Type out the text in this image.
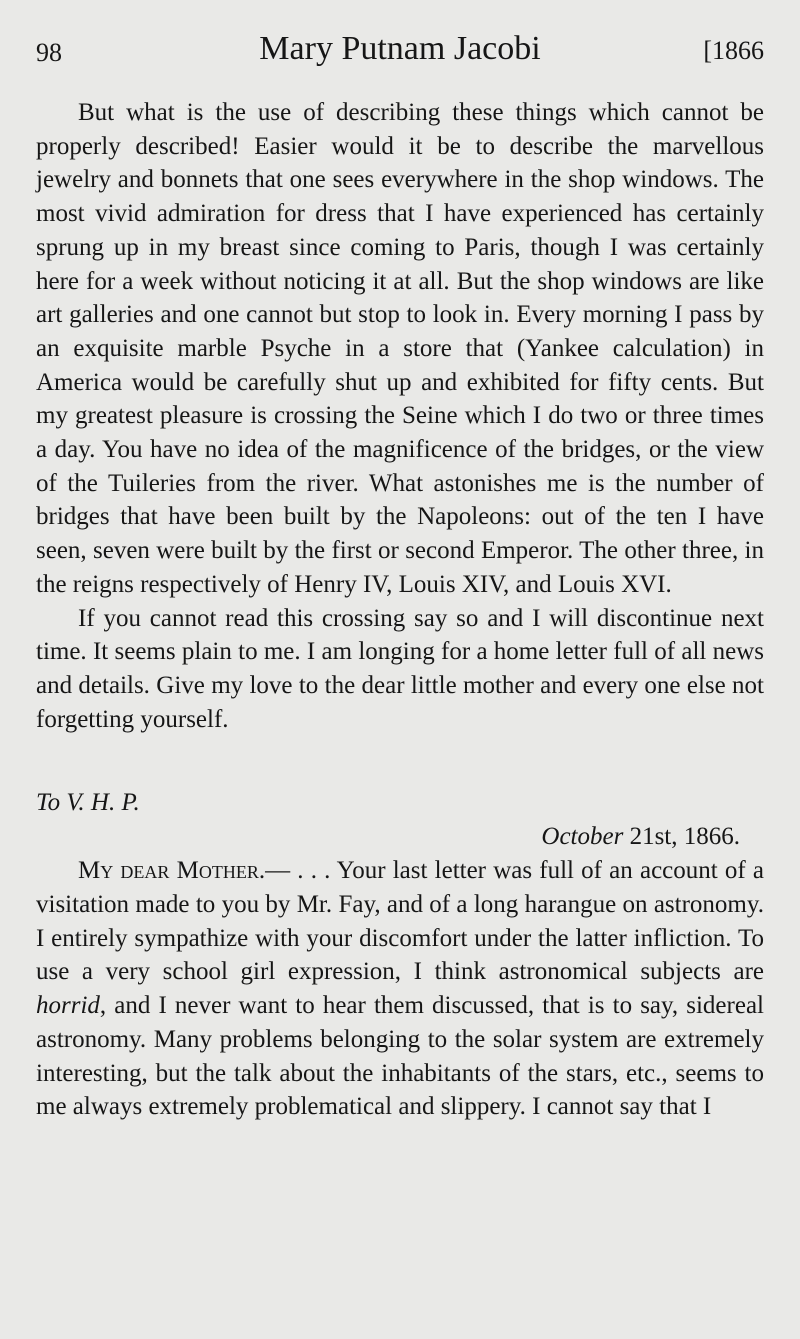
98	Mary Putnam Jacobi	[1866

But what is the use of describing these things which cannot be properly described! Easier would it be to describe the marvellous jewelry and bonnets that one sees everywhere in the shop windows. The most vivid admiration for dress that I have experienced has certainly sprung up in my breast since coming to Paris, though I was certainly here for a week without noticing it at all. But the shop windows are like art galleries and one cannot but stop to look in. Every morning I pass by an exquisite marble Psyche in a store that (Yankee calculation) in America would be carefully shut up and exhibited for fifty cents. But my greatest pleasure is crossing the Seine which I do two or three times a day. You have no idea of the magnificence of the bridges, or the view of the Tuileries from the river. What astonishes me is the number of bridges that have been built by the Napoleons: out of the ten I have seen, seven were built by the first or second Emperor. The other three, in the reigns respectively of Henry IV, Louis XIV, and Louis XVI.

If you cannot read this crossing say so and I will discontinue next time. It seems plain to me. I am longing for a home letter full of all news and details. Give my love to the dear little mother and every one else not forgetting yourself.

To V. H. P.
October 21st, 1866.

My dear Mother.— . . . Your last letter was full of an account of a visitation made to you by Mr. Fay, and of a long harangue on astronomy. I entirely sympathize with your discomfort under the latter infliction. To use a very school girl expression, I think astronomical subjects are horrid, and I never want to hear them discussed, that is to say, sidereal astronomy. Many problems belonging to the solar system are extremely interesting, but the talk about the inhabitants of the stars, etc., seems to me always extremely problematical and slippery. I cannot say that I
